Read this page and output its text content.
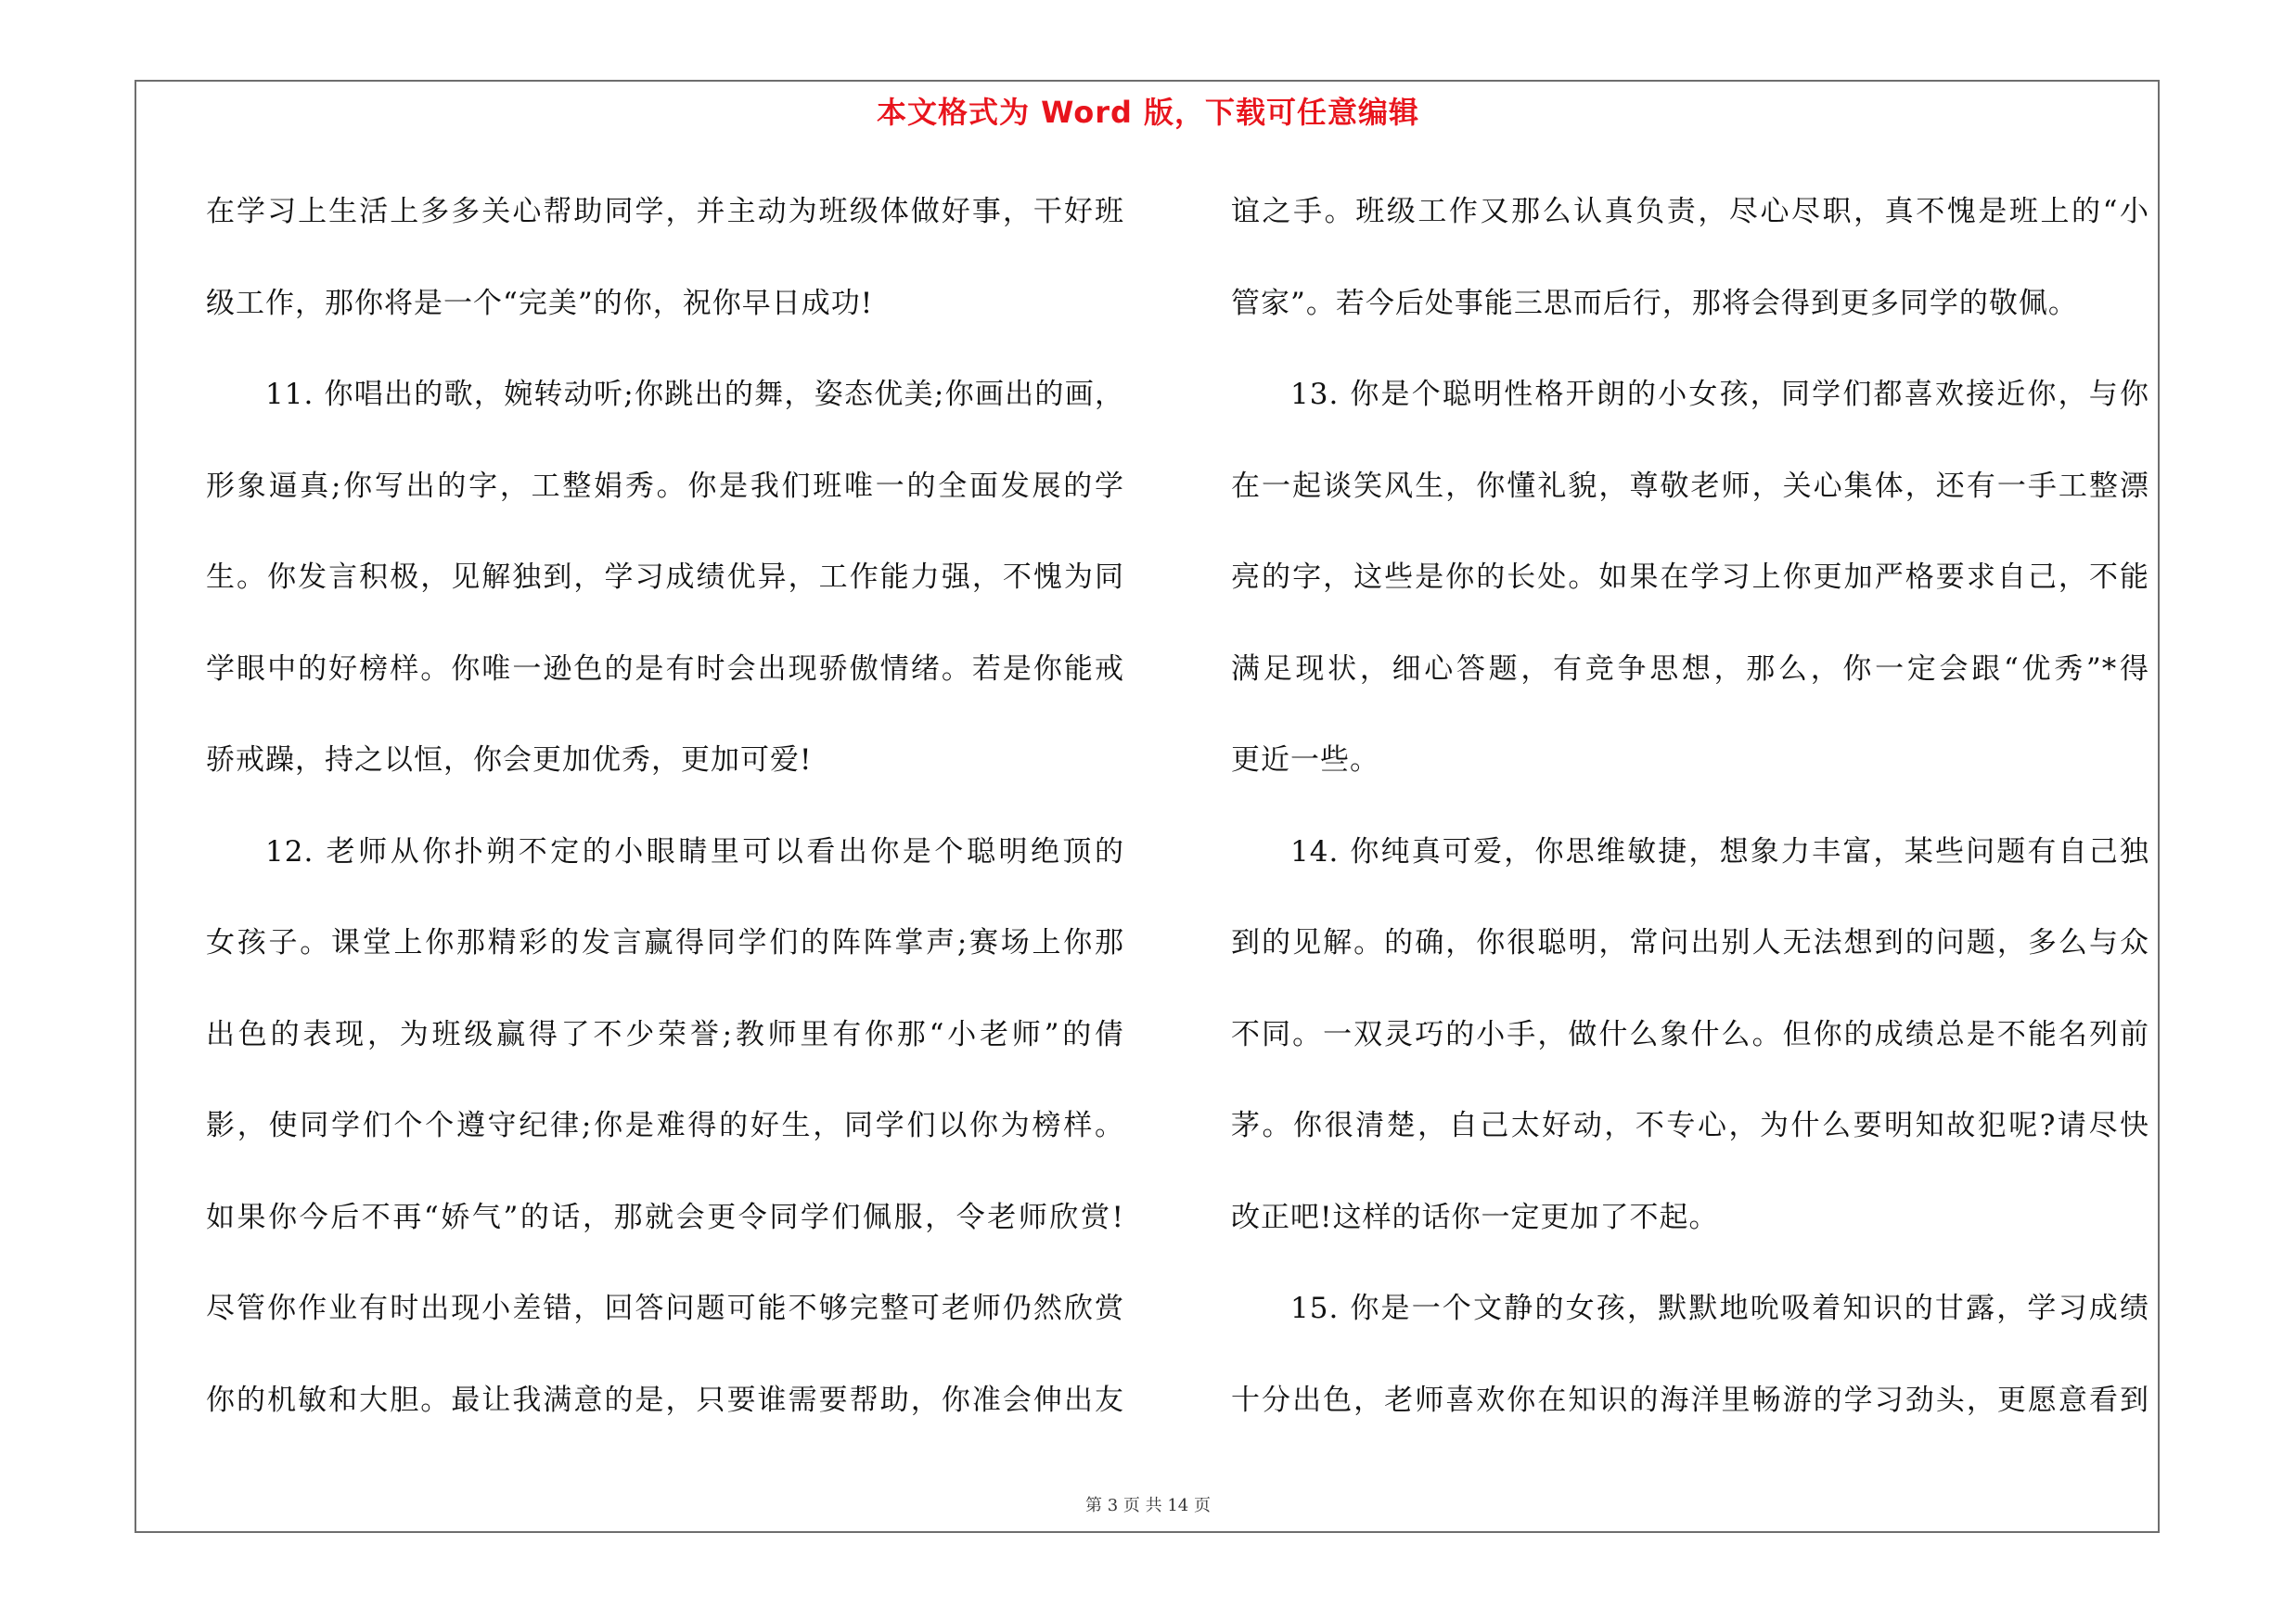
本文格式为 Word 版，下载可任意编辑
在学习上生活上多多关心帮助同学，并主动为班级体做好事，干好班
级工作，那你将是一个“完美”的你，祝你早日成功!
11. 你唱出的歌，婉转动听;你跳出的舞，姿态优美;你画出的画，
形象逼真;你写出的字，工整娟秀。你是我们班唯一的全面发展的学
生。你发言积极，见解独到，学习成绩优异，工作能力强，不愧为同
学眼中的好榜样。你唯一逊色的是有时会出现骄傲情绪。若是你能戒
骄戒躁，持之以恒，你会更加优秀，更加可爱!
12. 老师从你扑朔不定的小眼睛里可以看出你是个聪明绝顶的
女孩子。课堂上你那精彩的发言赢得同学们的阵阵掌声;赛场上你那
出色的表现，为班级赢得了不少荣誉;教师里有你那“小老师”的倩
影，使同学们个个遵守纪律;你是难得的好生，同学们以你为榜样。
如果你今后不再“娇气”的话，那就会更令同学们佩服，令老师欣赏!
尽管你作业有时出现小差错，回答问题可能不够完整可老师仍然欣赏
你的机敏和大胆。最让我满意的是，只要谁需要帮助，你准会伸出友
谊之手。班级工作又那么认真负责，尽心尽职，真不愧是班上的“小
管家”。若今后处事能三思而后行，那将会得到更多同学的敬佩。
13. 你是个聪明性格开朗的小女孩，同学们都喜欢接近你，与你
在一起谈笑风生，你懂礼貌，尊敬老师，关心集体，还有一手工整漂
亮的字，这些是你的长处。如果在学习上你更加严格要求自己，不能
满足现状，细心答题，有竞争思想，那么，你一定会跟“优秀”*得
更近一些。
14. 你纯真可爱，你思维敏捷，想象力丰富，某些问题有自己独
到的见解。的确，你很聪明，常问出别人无法想到的问题，多么与众
不同。一双灵巧的小手，做什么象什么。但你的成绩总是不能名列前
茅。你很清楚，自己太好动，不专心，为什么要明知故犯呢?请尽快
改正吧!这样的话你一定更加了不起。
15. 你是一个文静的女孩，默默地吮吸着知识的甘露，学习成绩
十分出色，老师喜欢你在知识的海洋里畅游的学习劲头，更愿意看到
第 3 页 共 14 页
